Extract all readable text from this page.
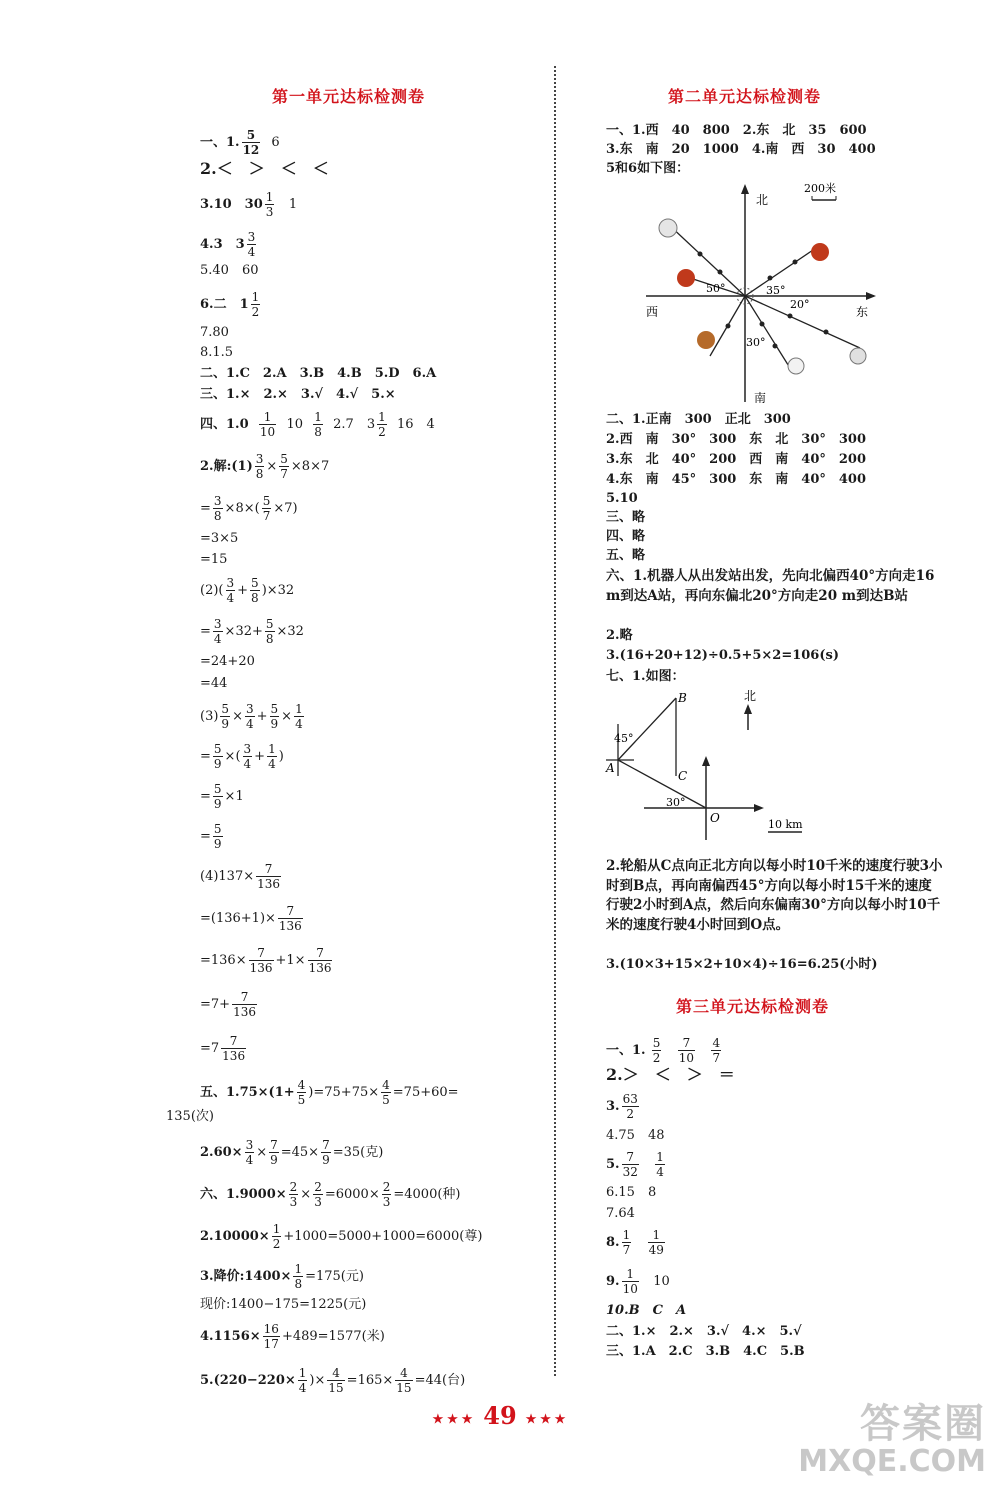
第一单元达标检测卷
一、1. $\frac{5}{12} 6$
2.＜　＞　＜　＜
3.10　$30 \frac{1}{3} 1$
4.3　$3 \frac{3}{4}$
5.40　60
6.二　$1 \frac{1}{2}$
7.80
8.1.5
二、1.C　2.A　3.B　4.B　5.D　6.A
三、1.×　2.×　3.√　4.√　5.×
四、$1.0 \frac{1}{10} 10 \frac{1}{8} 2.7$　$3 \frac{1}{2} 16$　4
2.解:(1) $\frac{3}{8} \times \frac{5}{7} \times 8\times 7$
= $\frac{3}{8} \times 8\times( \frac{5}{7} \times 7)$
=3×5
=15
$(2)( \frac{3}{4} + \frac{5}{8} )\times 32$
= $\frac{3}{4} \times 32+ \frac{5}{8} \times 32$
=24+20
=44
$(3) \frac{5}{9} \times \frac{3}{4} + \frac{5}{9} \times \frac{1}{4}$
= $\frac{5}{9}$ ×( $\frac{3}{4} + \frac{1}{4}$ )
= $\frac{5}{9} \times 1$
= $\frac{5}{9}$
$(4)137\times \frac{7}{136}$
$=(136+1)\times \frac{7}{136}$
$=136\times \frac{7}{136} +1\times \frac{7}{136}$
$=7+ \frac{7}{136}$
$=7 \frac{7}{136}$
五、$1.75\times(1+ \frac{4}{5} )=75+75\times \frac{4}{5} =75+60=$
135(次)
$2.60\times \frac{3}{4} \times \frac{7}{9} =45\times \frac{7}{9} =35$(克)
六、$1.9000\times \frac{2}{3} \times \frac{2}{3} =6000\times \frac{2}{3} =4000$(种)
$2.10000\times \frac{1}{2} +1000=5000+1000=6000$(尊)
3.降价:1400× $\frac{1}{8} =175$(元)
现价:1400−175=1225(元)
$4.1156\times \frac{16}{17} +489=1577$(米)
$5.(220-220\times \frac{1}{4}$ )× $\frac{4}{15} =165\times \frac{4}{15} =44$(台)
第二单元达标检测卷
一、1.西　40　800　2.东　北　35　600
3.东　南　20　1000　4.南　西　30　400
5和6如下图：
北
南
东
西
200米
50°	35°
20°
30°
二、1.正南　300　正北　300
2.西　南　30°　300　东　北　30°　300
3.东　北　40°　200　西　南　40°　200
4.东　南　45°　300　东　南　40°　400
5.10
三、略
四、略
五、略
六、1.机器人从出发站出发，先向北偏西40°方向走16 m到达A站，再向东偏北20°方向走20 m到达B站
2.略
3.(16+20+12)÷0.5+5×2=106(s)
七、1.如图：
B
A
C
O
北
45°
30°
10 km
2.轮船从C点向正北方向以每小时10千米的速度行驶3小时到B点，再向南偏西45°方向以每小时15千米的速度行驶2小时到A点，然后向东偏南30°方向以每小时10千米的速度行驶4小时回到O点。
3.(10×3+15×2+10×4)÷16=6.25(小时)
第三单元达标检测卷
一、1. $\frac{5}{2}$
$\frac{7}{10}$
$\frac{4}{7}$
2.＞　＜　＞　＝
3. $\frac{63}{2}$
4.75　48
5. $\frac{7}{32}$
$\frac{1}{4}$
6.15　8
7.64
8. $\frac{1}{7}$
$\frac{1}{49}$
9. $\frac{1}{10} 10$
10.B　C　A
二、1.×　2.×　3.√　4.×　5.√
三、1.A　2.C　3.B　4.C　5.B
★★★ 49 ★★★	答案圈
MXQE.COM
